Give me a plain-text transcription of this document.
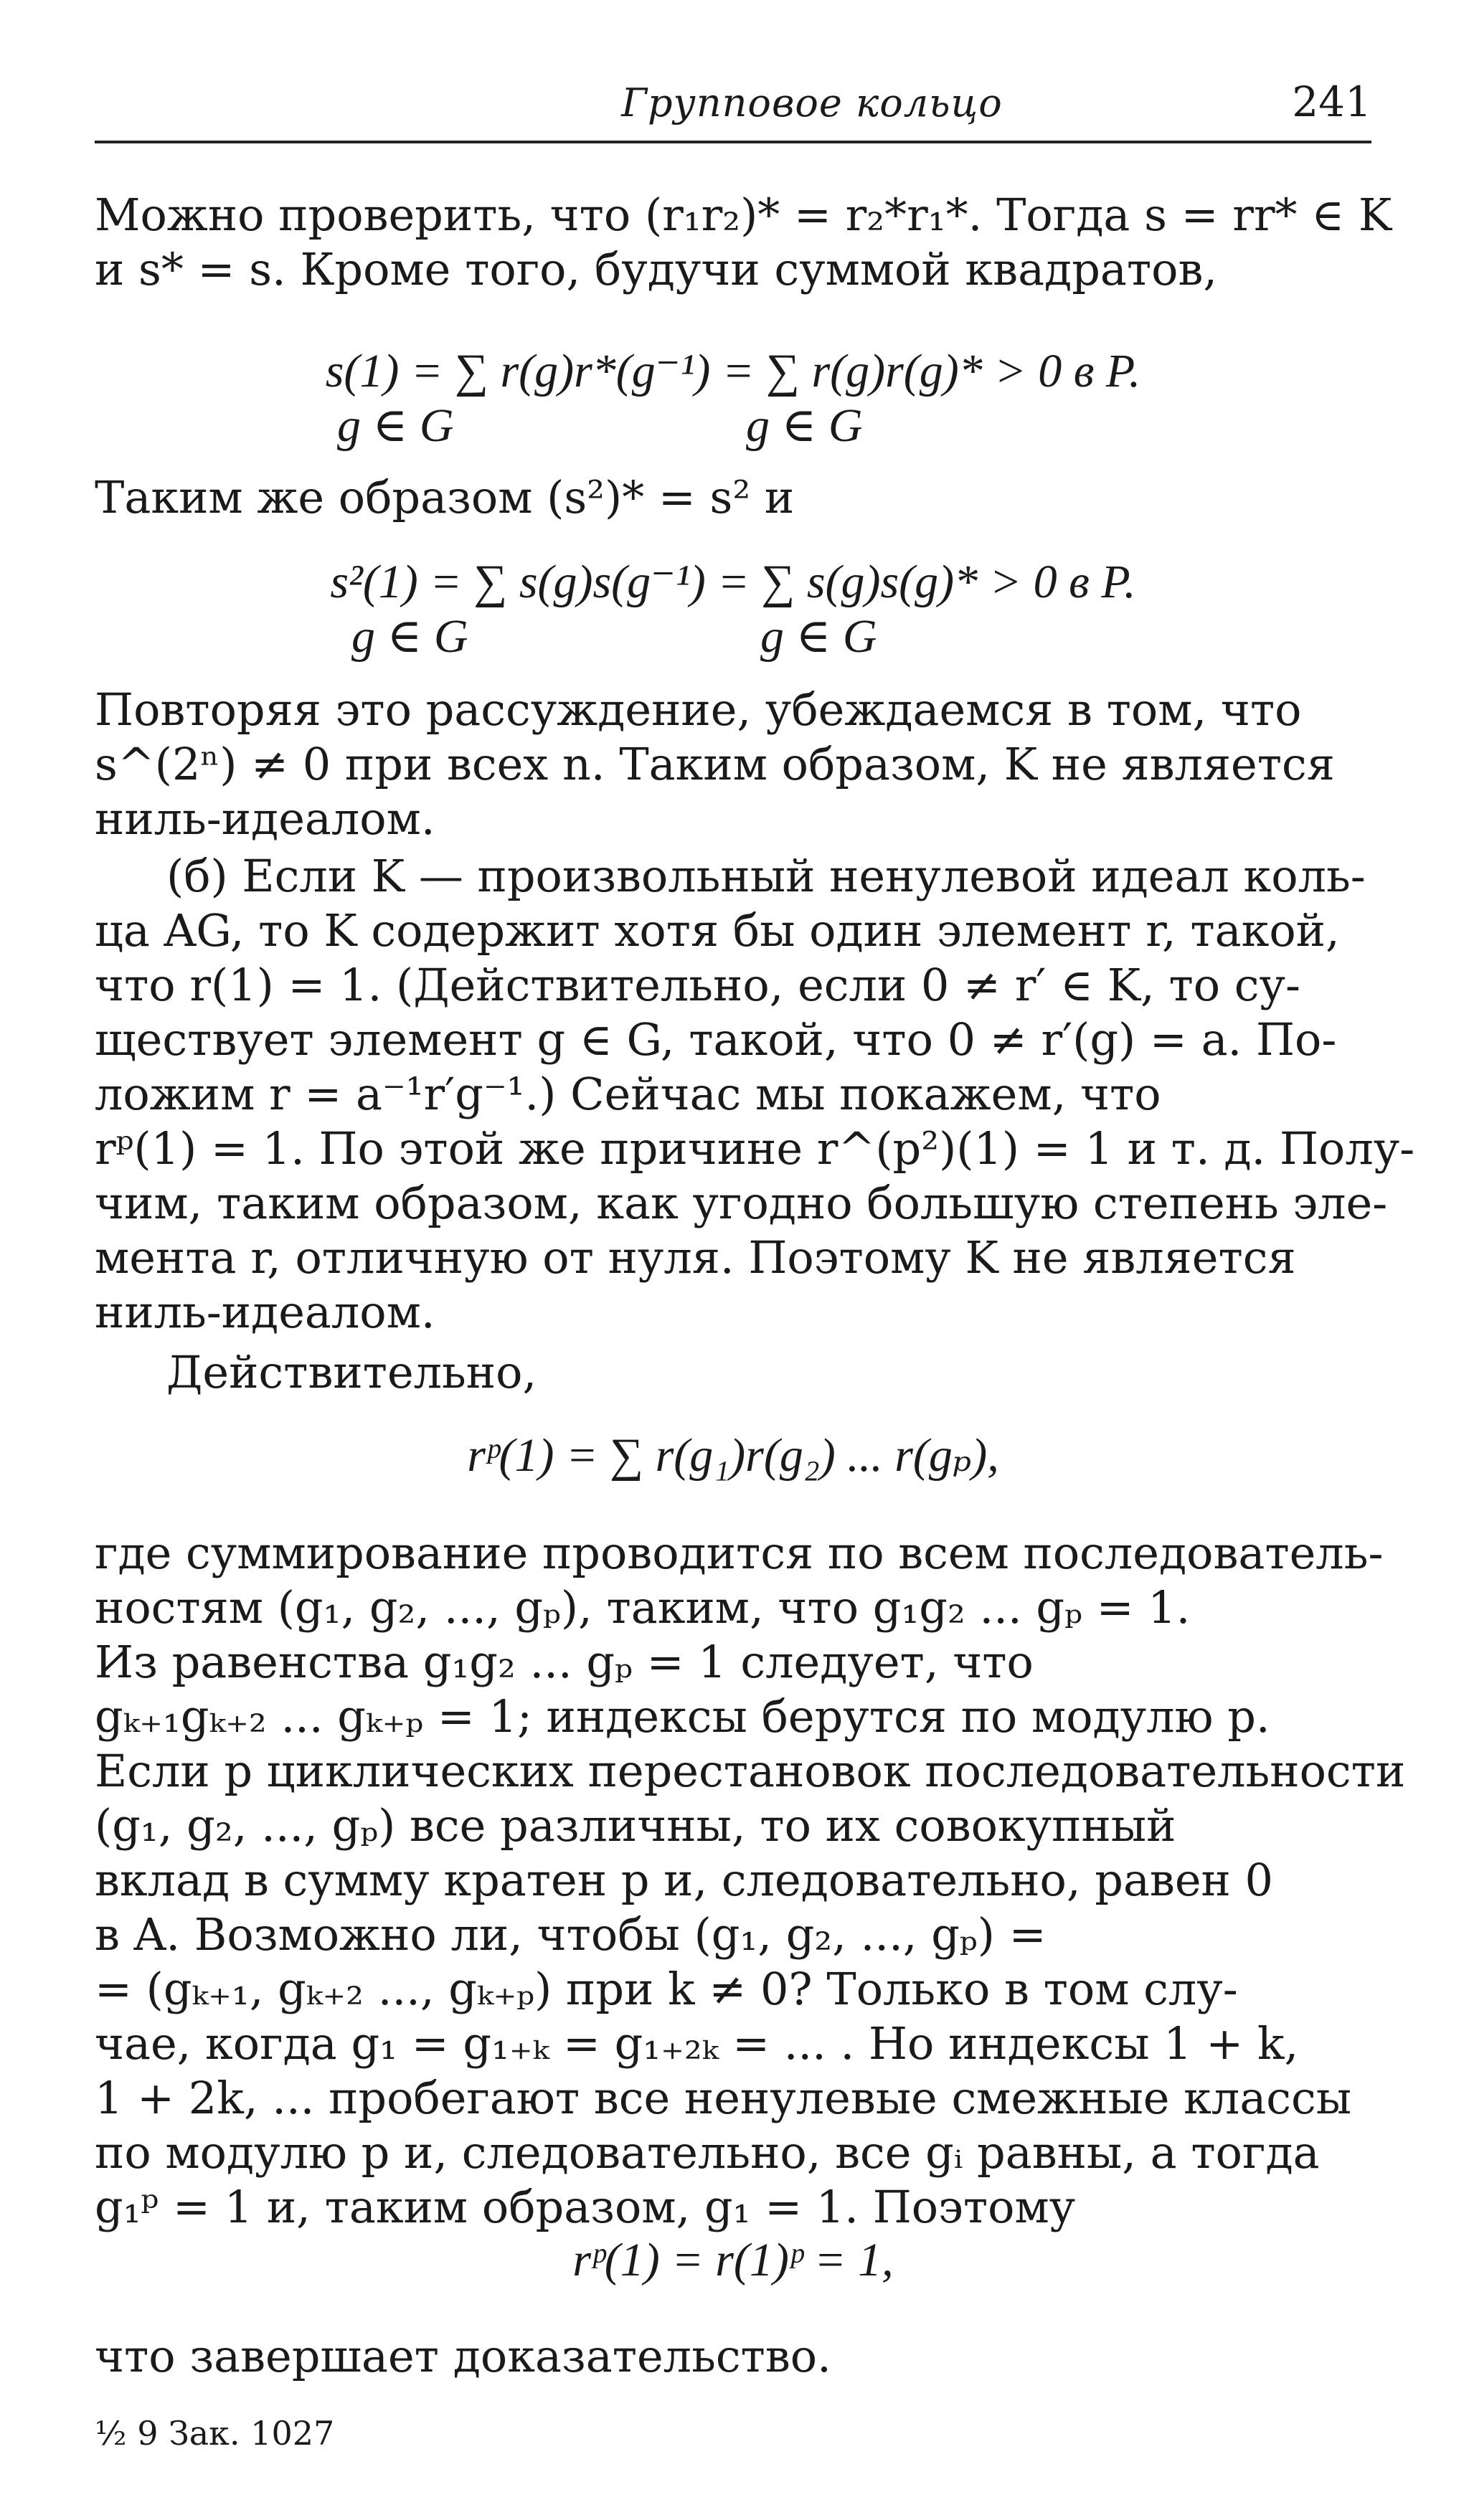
Групповое кольцо	241

Можно проверить, что (r₁r₂)* = r₂*r₁*. Тогда s = rr* ∈ K
и s* = s. Кроме того, будучи суммой квадратов,

s(1) = ∑ r(g)r*(g⁻¹) = ∑ r(g)r(g)* > 0 в P.
g ∈ G	g ∈ G

Таким же образом (s²)* = s² и

s²(1) = ∑ s(g)s(g⁻¹) = ∑ s(g)s(g)* > 0 в P.
g ∈ G	g ∈ G

Повторяя это рассуждение, убеждаемся в том, что
s^(2ⁿ) ≠ 0 при всех n. Таким образом, K не является
ниль-идеалом.

(б) Если K — произвольный ненулевой идеал коль-
ца AG, то K содержит хотя бы один элемент r, такой,
что r(1) = 1. (Действительно, если 0 ≠ r′ ∈ K, то су-
ществует элемент g ∈ G, такой, что 0 ≠ r′(g) = a. По-
ложим r = a⁻¹r′g⁻¹.) Сейчас мы покажем, что
rᵖ(1) = 1. По этой же причине r^(p²)(1) = 1 и т. д. Полу-
чим, таким образом, как угодно большую степень эле-
мента r, отличную от нуля. Поэтому K не является
ниль-идеалом.

Действительно,

rᵖ(1) = ∑ r(g₁)r(g₂) ... r(gₚ),

где суммирование проводится по всем последователь-
ностям (g₁, g₂, ..., gₚ), таким, что g₁g₂ ... gₚ = 1.
Из равенства g₁g₂ ... gₚ = 1 следует, что
gₖ₊₁gₖ₊₂ ... gₖ₊ₚ = 1; индексы берутся по модулю p.
Если p циклических перестановок последовательности
(g₁, g₂, ..., gₚ) все различны, то их совокупный
вклад в сумму кратен p и, следовательно, равен 0
в A. Возможно ли, чтобы (g₁, g₂, ..., gₚ) =
= (gₖ₊₁, gₖ₊₂ ..., gₖ₊ₚ) при k ≠ 0? Только в том слу-
чае, когда g₁ = g₁₊ₖ = g₁₊₂ₖ = ... . Но индексы 1 + k,
1 + 2k, ... пробегают все ненулевые смежные классы
по модулю p и, следовательно, все gᵢ равны, а тогда
g₁ᵖ = 1 и, таким образом, g₁ = 1. Поэтому

rᵖ(1) = r(1)ᵖ = 1,

что завершает доказательство.

½ 9 Зак. 1027
